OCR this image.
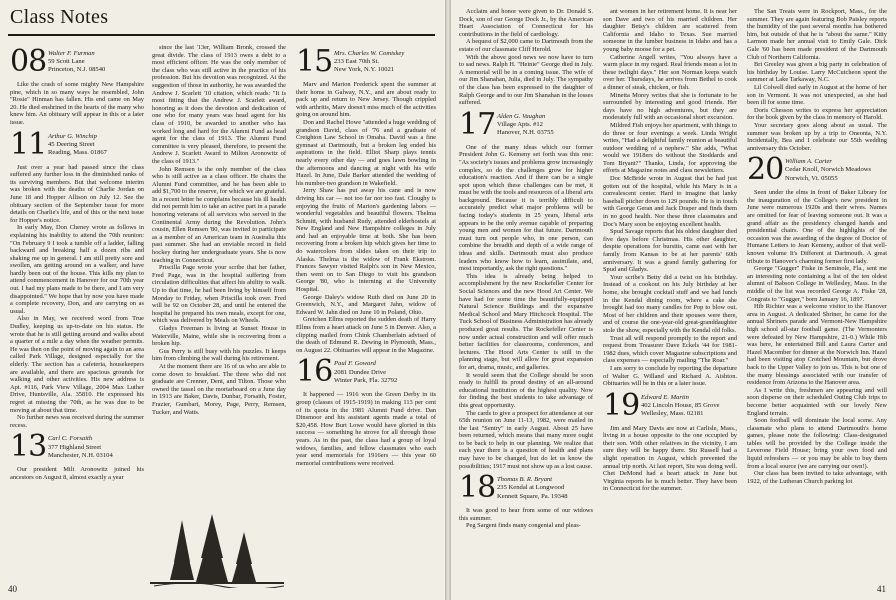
Class Notes
08 Walter F. Furman
59 Scott Lane
Princeton, N.J. 08540

Like the crash of some mighty New Hampshire pine, which in so many ways he resembled, John "Rosie" Hinman has fallen. His end came on May 20. He died enshrined in the hearts of the many who knew him. An obituary will appear in this or a later issue.

11 Arthur G. Winchip
45 Deering Street
Reading, Mass. 01867

Just over a year had passed since the class suffered any further loss in the diminished ranks of its surviving members. But that welcome interim was broken with the deaths of Charlie Jordan on June 18 and Hopper Allison on July 12. See the obituary section of the September issue for more details on Charlie's life, and of this or the next issue for Hopper's notice.

In early May, Don Cheney wrote as follows in explaining his inability to attend the 70th reunion: "On February 9 I took a tumble off a ladder, falling backward and breaking half a dozen ribs and shaking me up in general. I am still pretty sore and swollen, am getting around on a walker, and have hardly been out of the house. This kills my plan to attend commencement in Hanover for our 70th year out. I had my plans made to be there, and I am very disappointed." We hope that by now you have made a complete recovery, Don, and are carrying on as usual.

Also in May, we received word from True Dudley, keeping us up-to-date on his status. He wrote that he is still getting around and walks about a quarter of a mile a day when the weather permits. He was then on the point of moving again to an area called Park Village, designed especially for the elderly. The section has a cafeteria, housekeepers are available, and there are spacious grounds for walking and other activities. His new address is Apt. #116, Park View Village, 2004 Max Luther Drive, Huntsville, Ala. 35810. He expressed his regret at missing the 70th, as he was due to be moving at about that time.

No further news was received during the summer recess.

13 Carl C. Forsaith
377 Highland Street
Manchester, N.H. 03104

Our president Milt Aronowitz joined his ancestors on August 8, almost exactly a year

since the last '13er, William Bronk, crossed the great divide. The class of 1913 owes a debt to a most efficient officer. He was the only member of the class who was still active in the practice of his profession. But his devotion was recognized. At the suggestion of those in authority, he was awarded the Andrew J. Scarlett '10 citation, which reads: "It is most fitting that the Andrew J. Scarlett award, honoring as it does the devotion and dedication of one who for many years was head agent for his class of 1910, be awarded to another who has worked long and hard for the Alumni Fund as head agent for the class of 1913. The Alumni Fund committee is very pleased, therefore, to present the Andrew J. Scarlett Award to Milton Aronowitz of the class of 1913."

John Remsen is the only member of the class who is still active as a class officer. He chairs the Alumni Fund committee, and he has been able to add $1,700 to the reserve, for which we are grateful. In a recent letter he complains because his ill health did not permit him to take an active part in a parade honoring veterans of all services who served in the Continental Army during the Revolution. John's cousin, Ellen Remsen '80, was invited to participate as a member of an American team in Australia this past summer. She had an enviable record in field hockey during her undergraduate years. She is now teaching in Connecticut.

Priscilla Page wrote your scribe that her father, Fred Page, was in the hospital suffering from circulation difficulties that affect his ability to walk. Up to that time, he had been living by himself from Monday to Friday, when Priscilla took over. Fred will be 92 on October 28, and until he entered the hospital he prepared his own meals, except for one, which was delivered by Meals on Wheels.

Gladys Freeman is living at Sunset House in Waterville, Maine, while she is recovering from a broken hip.

Gus Perry is still busy with his puzzles. It keeps him from climbing the wall during his retirement.

At the moment there are 16 of us who are able to come down to breakfast. The three who did not graduate are Crenner, Dent, and Tilton. Those who owned the tassel on the mortarboard on a June day in 1913 are Baker, Davis, Dunbar, Forsaith, Foster, Frazier, Gumbart, Morey, Page, Perry, Remsen, Tucker, and Watts.

15 Mrs. Charles W. Comiskey
233 East 70th St.
New York, N.Y. 10021

Marv and Marion Frederick spent the summer at their home in Galway, N.Y., and are about ready to pack up and return to New Jersey. Though crippled with arthritis, Marv doesn't miss much of the activities going on around him.

Don and Rachel Howe "attended a huge wedding of grandson David, class of '76 and a graduate of Creighton Law School in Omaha. David was a fine gymnast at Dartmouth, but a broken leg ended his aspirations in the field. Elliot Sharp plays tennis nearly every other day — and goes lawn bowling in the afternoons and dancing at night with his wife Hazel. In June, Dale Barker attended the wedding of his number-two grandson in Wakefield.

Jerry Shaw has put away his cane and is now driving his car — not too far nor too fast. Cloughy is enjoying the fruits of Marion's gardening labors — wonderful vegetables and beautiful flowers. Thelma Schmitt, with husband Rudy, attended elderhostels at New England and New Hampshire colleges in July and had an enjoyable time at both. She has been recovering from a broken hip which gives her time to do watercolors from slides taken on their trip to Alaska. Thelma is the widow of Frank Ekstrom. Frances Sawyer visited Ralph's son in New Mexico, then went on to San Diego to visit his grandson George '80, who is interning at the University Hospital.

George Daley's widow Ruth died on June 20 in Greenwich, N.Y., and Margaret Jahn, widow of Edward W. Jahn died on June 10 in Poland, Ohio.

Gretchen Ellms reported the sudden death of Harry Ellms from a heart attack on June 5 in Denver. Also, a clipping mailed from Chink Chamberlain advised of the death of Edmund R. Dewing in Plymouth, Mass., on August 22. Obituaries will appear in the Magazine.

16 Paul F. Goward
2081 Dundee Drive
Winter Park, Fla. 32792

It happened — 1916 won the Green Derby in its group (classes of 1915-1919) in making 113 per cent of its quota in the 1981 Alumni Fund drive. Dan Dinsmoor and his assistant agents made a total of $20,458. How Burt Lowe would have gloried in this success — something he strove for all through those years. As in the past, the class had a group of loyal widows, families, and fellow classmates who each year send memorials for 1916ers — this year 60 memorial contributions were received.

40

Acclaim and honor were given to Dr. Donald S. Dock, son of our George Dock Jr., by the American Heart Association of Connecticut for his contributions in the field of cardiology.

A bequest of $2,000 came to Dartmouth from the estate of our classmate Cliff Herold.

With the above good news we now have to turn to sad news. Ralph H. "Heinie" George died in July. A memorial will be in a coming issue. The wife of our Jim Shanahan, Julia, died in July. The sympathy of the class has been expressed to the daughter of Ralph George and to our Jim Shanahan in the losses suffered.

17 Alden G. Vaughan
Village Apts. #12
Hanover, N.H. 03755

One of the many ideas which our former President John G. Kemeny set forth was this one: "As society's issues and problems grow increasingly complex, so do the challenges grow for higher education's reaction. And if there can be a single spot upon which these challenges can be met, it must be with the tools and resources of a liberal arts background. Because it is terribly difficult to accurately predict what major problems will be facing today's students in 25 years, liberal arts appears to be the only avenue capable of preparing young men and women for that future. Dartmouth must turn out people who, in one person, can combine the breadth and depth of a wide range of ideas and skills. Dartmouth must also produce leaders who know how to learn, assimilate, and, most importantly, ask the right questions."

This idea is already being helped to accomplishment by the new Rockefeller Center for Social Sciences and the new Hood Art Center. We have had for some time the beautifully-equipped Natural Science Buildings and the expansive Medical School and Mary Hitchcock Hospital. The Tuck School of Business Administration has already produced great results. The Rockefeller Center is now under actual construction and will offer much better facilities for classrooms, conferences, and lectures. The Hood Arts Center is still in the planning stage, but will allow for great expansion for art, drama, music, and galleries.

It would seem that the College should be soon ready to fulfill its proud destiny of an all-around educational institution of the highest quality. Now for finding the best students to take advantage of this great opportunity.

The cards to give a prospect for attendance at our 65th reunion on June 11-13, 1982, were mailed in the last "Sentry" in early August. About 25 have been returned, which means that many more ought to be back to help in our planning. We realize that each year there is a question of health and plans may have to be changed, but do let us know the possibilities; 1917 must not show up as a lost cause.

18 Thomas B. R. Bryant
235 Kendal at Longwood
Kennett Square, Pa. 19348

It was good to hear from some of our widows this summer.

Peg Sargent finds many congenial and pleas-

ant women in her retirement home. It is near her son Dave and two of his married children. Her daughter Betsy's children are scattered from California and Idaho to Texas. Sue married someone in the lumber business in Idaho and has a young baby moose for a pet.

Catherine Angell writes, "You always have a warm place in my regard. Real friends mean a lot in these twilight days." Her son Norman keeps watch over her. Thursdays, he arrives from Bethel to cook a dinner of steak, chicken, or fish.

Minetta Morey writes that she is fortunate to be surrounded by interesting and good friends. Her days have no high adventures, but they are moderately full with an occasional short excursion.

Mildred Fish enjoys her apartment, with things to do three or four evenings a week. Linda Wright writes, "Had a delightful family reunion at beautiful outdoor wedding of a nephew." She adds, "What would we 1918ers do without the Stoddards and Tom Bryant?" Thanks, Linda, for approving the efforts at Magazine notes and class newsletters.

Doc McBride wrote in August that he had just gotten out of the hospital, while his Mary is in a convalescent center. Hard to imagine that lanky baseball pitcher down to 129 pounds. He is in touch with George Geran and Jack Draper and finds them in no good health. Nor these three classmates and Doc's Mary soon be enjoying excellent health.

Spud Savage reports that his oldest daughter died five days before Christmas. His other daughter, despite operations for bursitis, came east with her family from Kansas to be at her parents' 60th anniversary. It was a grand family gathering for Spud and Gladys.

Your scribe's Betty did a twist on his birthday. Instead of a cookout on his July birthday at her home, she brought cocktail stuff and we had lunch in the Kendal dining room, where a cake she brought had too many candles for Pop to blow out. Most of her children and their spouses were there, and of course the one-year-old great-granddaughter stole the show, especially with the Kendal old folks.

Trust all will respond promptly to the report and request from Treasurer Dave Eckels '44 for 1981-1982 dues, which cover Magazine subscriptions and class expenses — especially mailing "The Roar."

I am sorry to conclude by reporting the departure of Walter G. Willand and Richard A. Aishton. Obituaries will be in this or a later issue.

19 Edward E. Martin
402 Lincoln House, 85 Grove
Wellesley, Mass. 02181

Jim and Mary Davis are now at Carlisle, Mass., living in a house opposite to the one occupied by their son. With other relatives in the vicinity, I am sure they will be happy there. Stu Russell had a slight operation in August, which prevented the annual trip north. At last report, Stu was doing well. Chet DeMond had a heart attack in June but Virginia reports he is much better. They have been in Connecticut for the summer.

The San Treats were in Rockport, Mass., for the summer. They are again featuring Bob Paisley reports the humidity of the past several months has bothered him, but outside of that he is "about the same." Kitty Larmon made her annual visit to Emily Gale. Dick Gale '60 has been made president of the Dartmouth Club of Northern California.

Bri Greeley was given a big party in celebration of his birthday by Louise. Larry McCutcheon spent the summer at Lake Tarkaway, N.C.

Lil Colwell died early in August at the home of her son in Vermont. It was not unexpected, as she had been ill for some time.

Doris Chesson writes to express her appreciation for the book given by the class in memory of Harold.

Your secretary goes along about as usual. The summer was broken up by a trip to Oneonta, N.Y. Incidentally, Bea and I celebrate our 55th wedding anniversary this October.

20 William A. Carter
Cedar Knoll, Norwich Meadows
Norwich, Vt. 05055

Seen under the elms in front of Baker Library for the inauguration of the College's new president in June were numerous 1920s and their wives. Names are omitted for fear of leaving someone out. It was a grand affair as the presidency changed hands and presidential chairs. One of the highlights of the occasion was the awarding of the degree of Doctor of Humane Letters to Jean Kemeny, author of that well-known volume It's Different at Dartmouth. A great tribute to Hanover's charming former first lady.

George "Gugger" Fiske in Seminole, Fla., sent me an interesting note containing a list of the ten oldest alumni of Babson College in Wellesley, Mass. In the middle of the list was recorded George A. Fiske '28, Congrats to "Gugger," born January 16, 1897.

Hib Richter was a welcome visitor to the Hanover area in August. A dedicated Shriner, he came for the annual Shriners parade and Vermont-New Hampshire high school all-star football game. (The Vermonters were defeated by New Hampshire, 21-0.) While Hib was here, he entertained Bill and Laura Carter and Hazel Macomber for dinner at the Norwich Inn. Hazel had been visiting atop Crotched Mountain, but drove back to the Upper Valley to join us. This is but one of the many blessings associated with our transfer of residence from Arizona to the Hanover area.

As I write this, freshmen are appearing and will soon disperse on their scheduled Outing Club trips to become better acquainted with our lovely New England terrain.

Soon football will dominate the local scene. Any classmate who plans to attend Dartmouth's home games, please note the following: Class-designated tables will be provided by the College inside the Leverone Field House; bring your own food and liquid refreshers — or you may be able to buy them from a local source (we are carrying our own!).

Our class has been invited to take advantage, with 1922, of the Lutheran Church parking lot

41
